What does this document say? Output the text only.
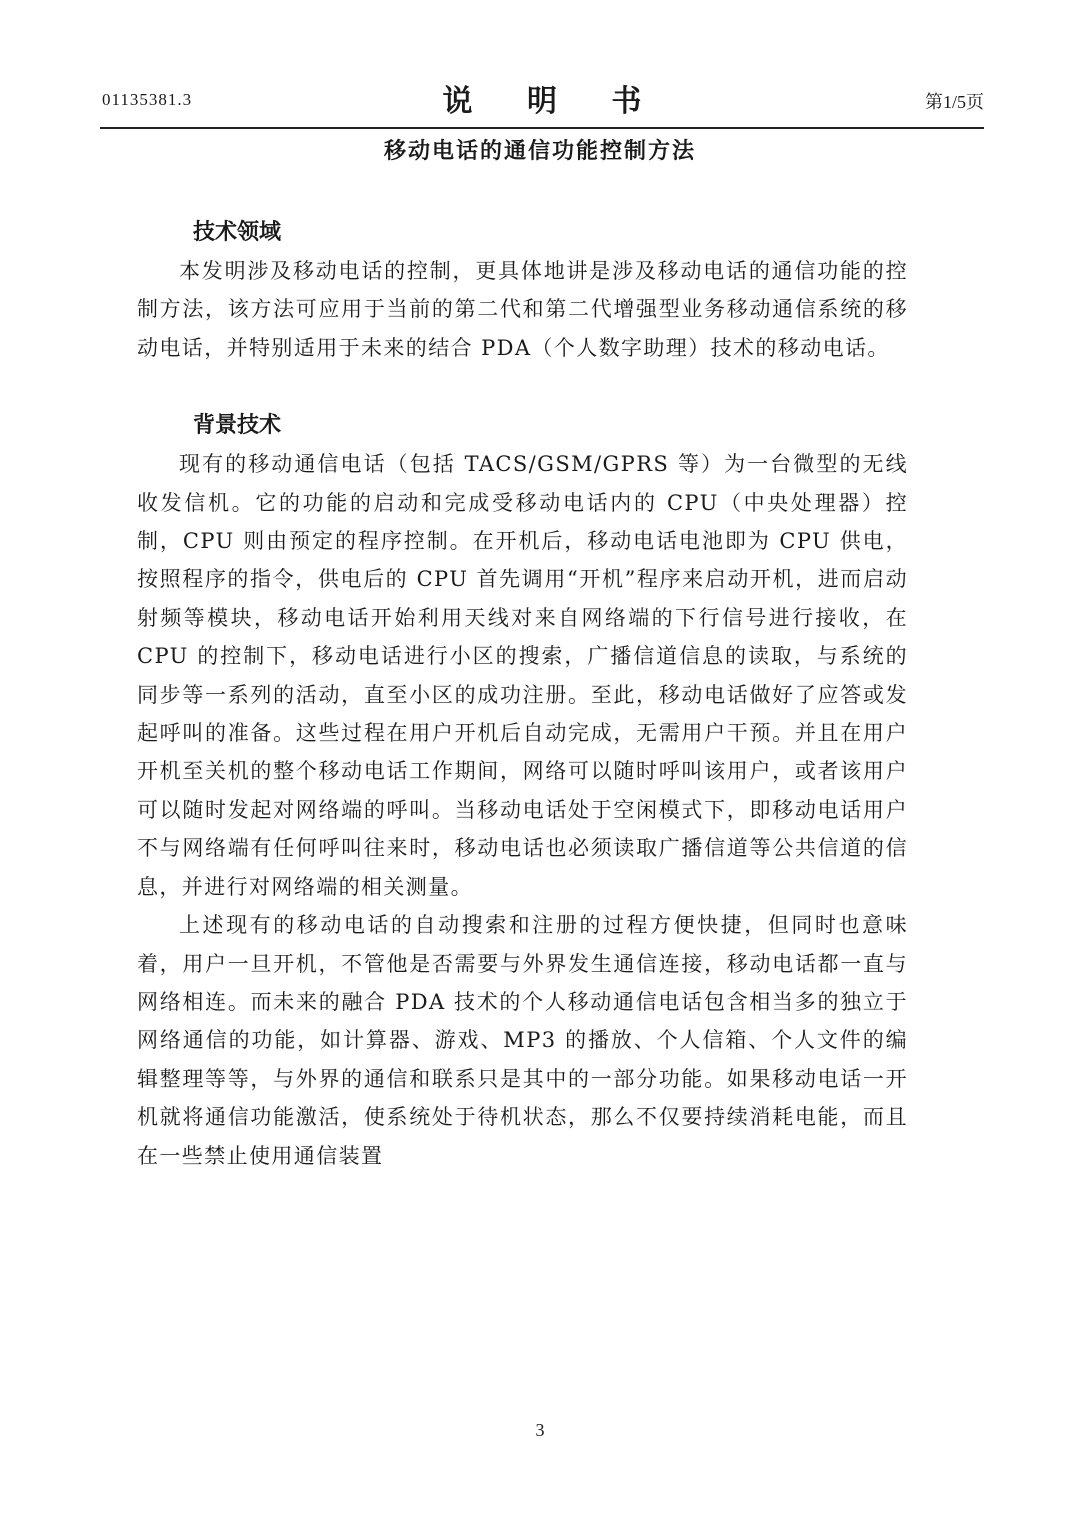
01135381.3	说 明 书	第1/5页
移动电话的通信功能控制方法
技术领域

本发明涉及移动电话的控制，更具体地讲是涉及移动电话的通信功能的控制方法，该方法可应用于当前的第二代和第二代增强型业务移动通信系统的移动电话，并特别适用于未来的结合 PDA（个人数字助理）技术的移动电话。

背景技术

现有的移动通信电话（包括 TACS/GSM/GPRS 等）为一台微型的无线收发信机。它的功能的启动和完成受移动电话内的 CPU（中央处理器）控制，CPU 则由预定的程序控制。在开机后，移动电话电池即为 CPU 供电，按照程序的指令，供电后的 CPU 首先调用“开机”程序来启动开机，进而启动射频等模块，移动电话开始利用天线对来自网络端的下行信号进行接收，在 CPU 的控制下，移动电话进行小区的搜索，广播信道信息的读取，与系统的同步等一系列的活动，直至小区的成功注册。至此，移动电话做好了应答或发起呼叫的准备。这些过程在用户开机后自动完成，无需用户干预。并且在用户开机至关机的整个移动电话工作期间，网络可以随时呼叫该用户，或者该用户可以随时发起对网络端的呼叫。当移动电话处于空闲模式下，即移动电话用户不与网络端有任何呼叫往来时，移动电话也必须读取广播信道等公共信道的信息，并进行对网络端的相关测量。

上述现有的移动电话的自动搜索和注册的过程方便快捷，但同时也意味着，用户一旦开机，不管他是否需要与外界发生通信连接，移动电话都一直与网络相连。而未来的融合 PDA 技术的个人移动通信电话包含相当多的独立于网络通信的功能，如计算器、游戏、MP3 的播放、个人信箱、个人文件的编辑整理等等，与外界的通信和联系只是其中的一部分功能。如果移动电话一开机就将通信功能激活，使系统处于待机状态，那么不仅要持续消耗电能，而且在一些禁止使用通信装置

3
